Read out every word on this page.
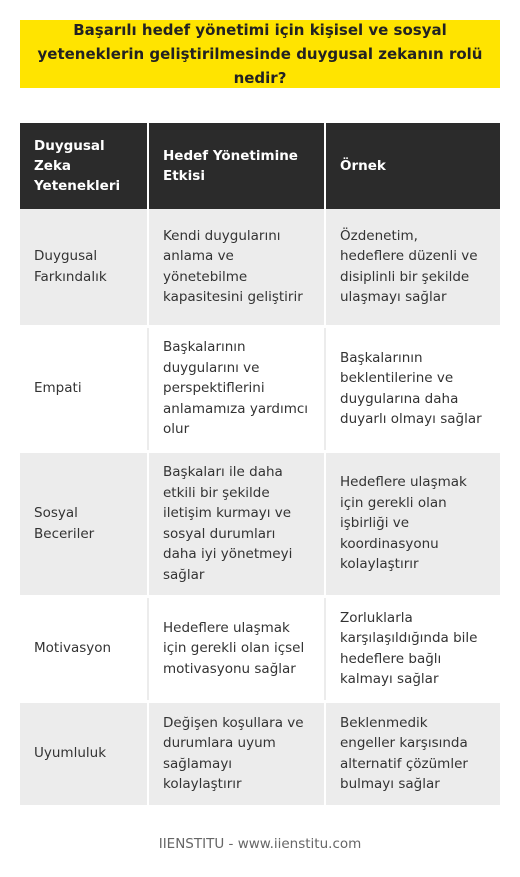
Başarılı hedef yönetimi için kişisel ve sosyal yeteneklerin geliştirilmesinde duygusal zekanın rolü nedir?
Duygusal Zeka Yetenekleri	Hedef Yönetimine Etkisi	Örnek
Duygusal Farkındalık	Kendi duygularını anlama ve yönetebilme kapasitesini geliştirir	Özdenetim, hedeflere düzenli ve disiplinli bir şekilde ulaşmayı sağlar
Empati	Başkalarının duygularını ve perspektiflerini anlamamıza yardımcı olur	Başkalarının beklentilerine ve duygularına daha duyarlı olmayı sağlar
Sosyal Beceriler	Başkaları ile daha etkili bir şekilde iletişim kurmayı ve sosyal durumları daha iyi yönetmeyi sağlar	Hedeflere ulaşmak için gerekli olan işbirliği ve koordinasyonu kolaylaştırır
Motivasyon	Hedeflere ulaşmak için gerekli olan içsel motivasyonu sağlar	Zorluklarla karşılaşıldığında bile hedeflere bağlı kalmayı sağlar
Uyumluluk	Değişen koşullara ve durumlara uyum sağlamayı kolaylaştırır	Beklenmedik engeller karşısında alternatif çözümler bulmayı sağlar
IIENSTITU - www.iienstitu.com
